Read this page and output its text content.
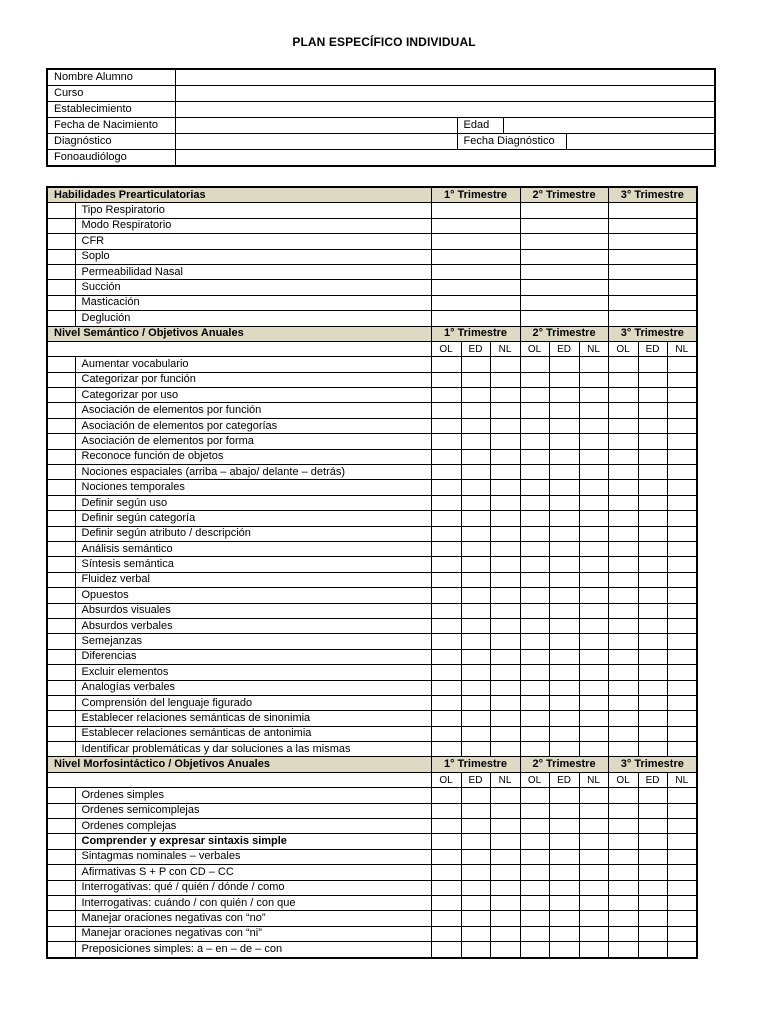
PLAN ESPECÍFICO INDIVIDUAL
Nombre Alumno				
Curso				
Establecimiento				
Fecha de Nacimiento		Edad		
Diagnóstico		Fecha Diagnóstico		
Fonoaudiólogo				
Habilidades Prearticulatorias		1° Trimestre			2° Trimestre			3° Trimestre		
	Tipo Respiratorio									
	Modo Respiratorio									
	CFR									
	Soplo									
	Permeabilidad Nasal									
	Succión									
	Masticación									
	Deglución									
Nivel Semántico / Objetivos Anuales		1° Trimestre			2° Trimestre			3° Trimestre		
		OL	ED	NL	OL	ED	NL	OL	ED	NL
	Aumentar vocabulario									
	Categorizar por función									
	Categorizar por uso									
	Asociación de elementos por función									
	Asociación de elementos por categorías									
	Asociación de elementos por forma									
	Reconoce función de objetos									
	Nociones espaciales (arriba – abajo/ delante – detrás)									
	Nociones temporales									
	Definir según uso									
	Definir según categoría									
	Definir según atributo / descripción									
	Análisis semántico									
	Síntesis semántica									
	Fluidez verbal									
	Opuestos									
	Absurdos visuales									
	Absurdos verbales									
	Semejanzas									
	Diferencias									
	Excluir elementos									
	Analogías verbales									
	Comprensión del lenguaje figurado									
	Establecer relaciones semánticas de sinonimia									
	Establecer relaciones semánticas de antonimia									
	Identificar problemáticas y dar soluciones a las mismas									
Nivel Morfosintáctico / Objetivos Anuales		1° Trimestre			2° Trimestre			3° Trimestre		
		OL	ED	NL	OL	ED	NL	OL	ED	NL
	Ordenes simples									
	Ordenes semicomplejas									
	Ordenes complejas									
	Comprender y expresar sintaxis simple									
	Sintagmas nominales – verbales									
	Afirmativas S + P con CD – CC									
	Interrogativas: qué / quién / dónde / como									
	Interrogativas: cuándo / con quién / con que									
	Manejar oraciones negativas con “no”									
	Manejar oraciones negativas con “ni”									
	Preposiciones simples: a – en – de – con									
